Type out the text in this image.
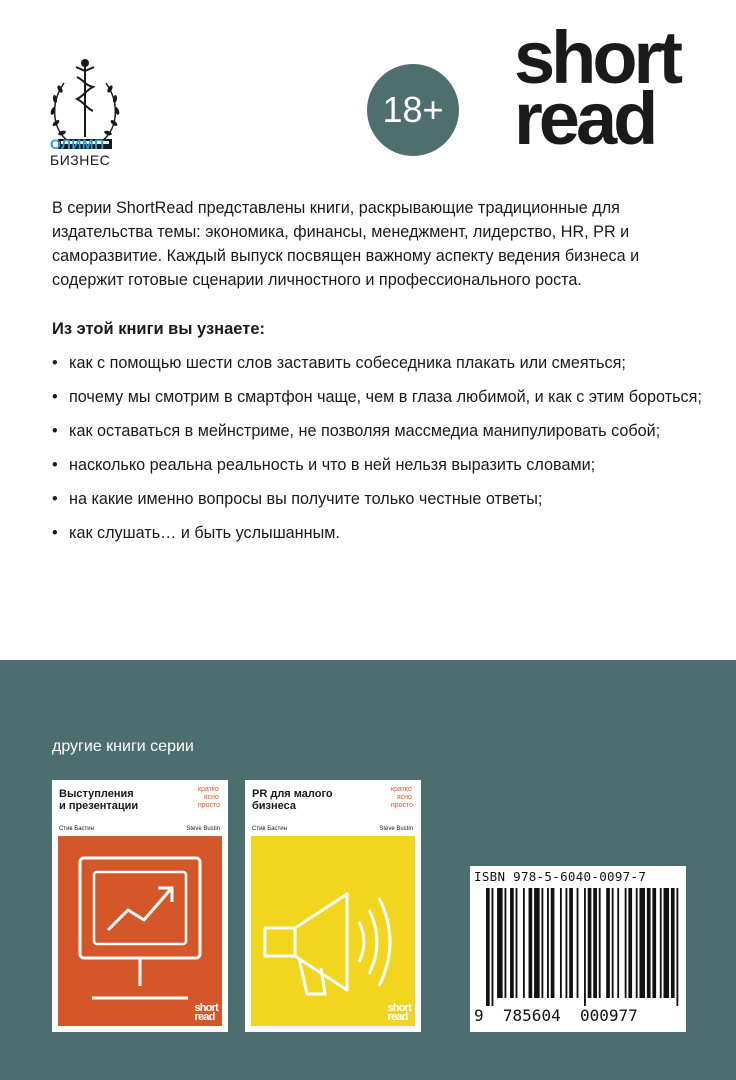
ОЛИМП
БИЗНЕС
18+
short
read

В серии ShortRead представлены книги, раскрывающие традиционные для издательства темы: экономика, финансы, менеджмент, лидерство, HR, PR и саморазвитие. Каждый выпуск посвящен важному аспекту ведения бизнеса и содержит готовые сценарии личностного и профессионального роста.

Из этой книги вы узнаете:
• как с помощью шести слов заставить собеседника плакать или смеяться;
• почему мы смотрим в смартфон чаще, чем в глаза любимой, и как с этим бороться;
• как оставаться в мейнстриме, не позволяя массмедиа манипулировать собой;
• насколько реальна реальность и что в ней нельзя выразить словами;
• на какие именно вопросы вы получите только честные ответы;
• как слушать… и быть услышанным.
другие книги серии
Выступления
и презентации
кратко
ясно
просто
Стив Бастин	Steve Bustin
short
read
PR для малого
бизнеса
кратко
ясно
просто
Стив Бастин	Steve Bustin
short
read
ISBN 978-5-6040-0097-7
9 785604 000977
